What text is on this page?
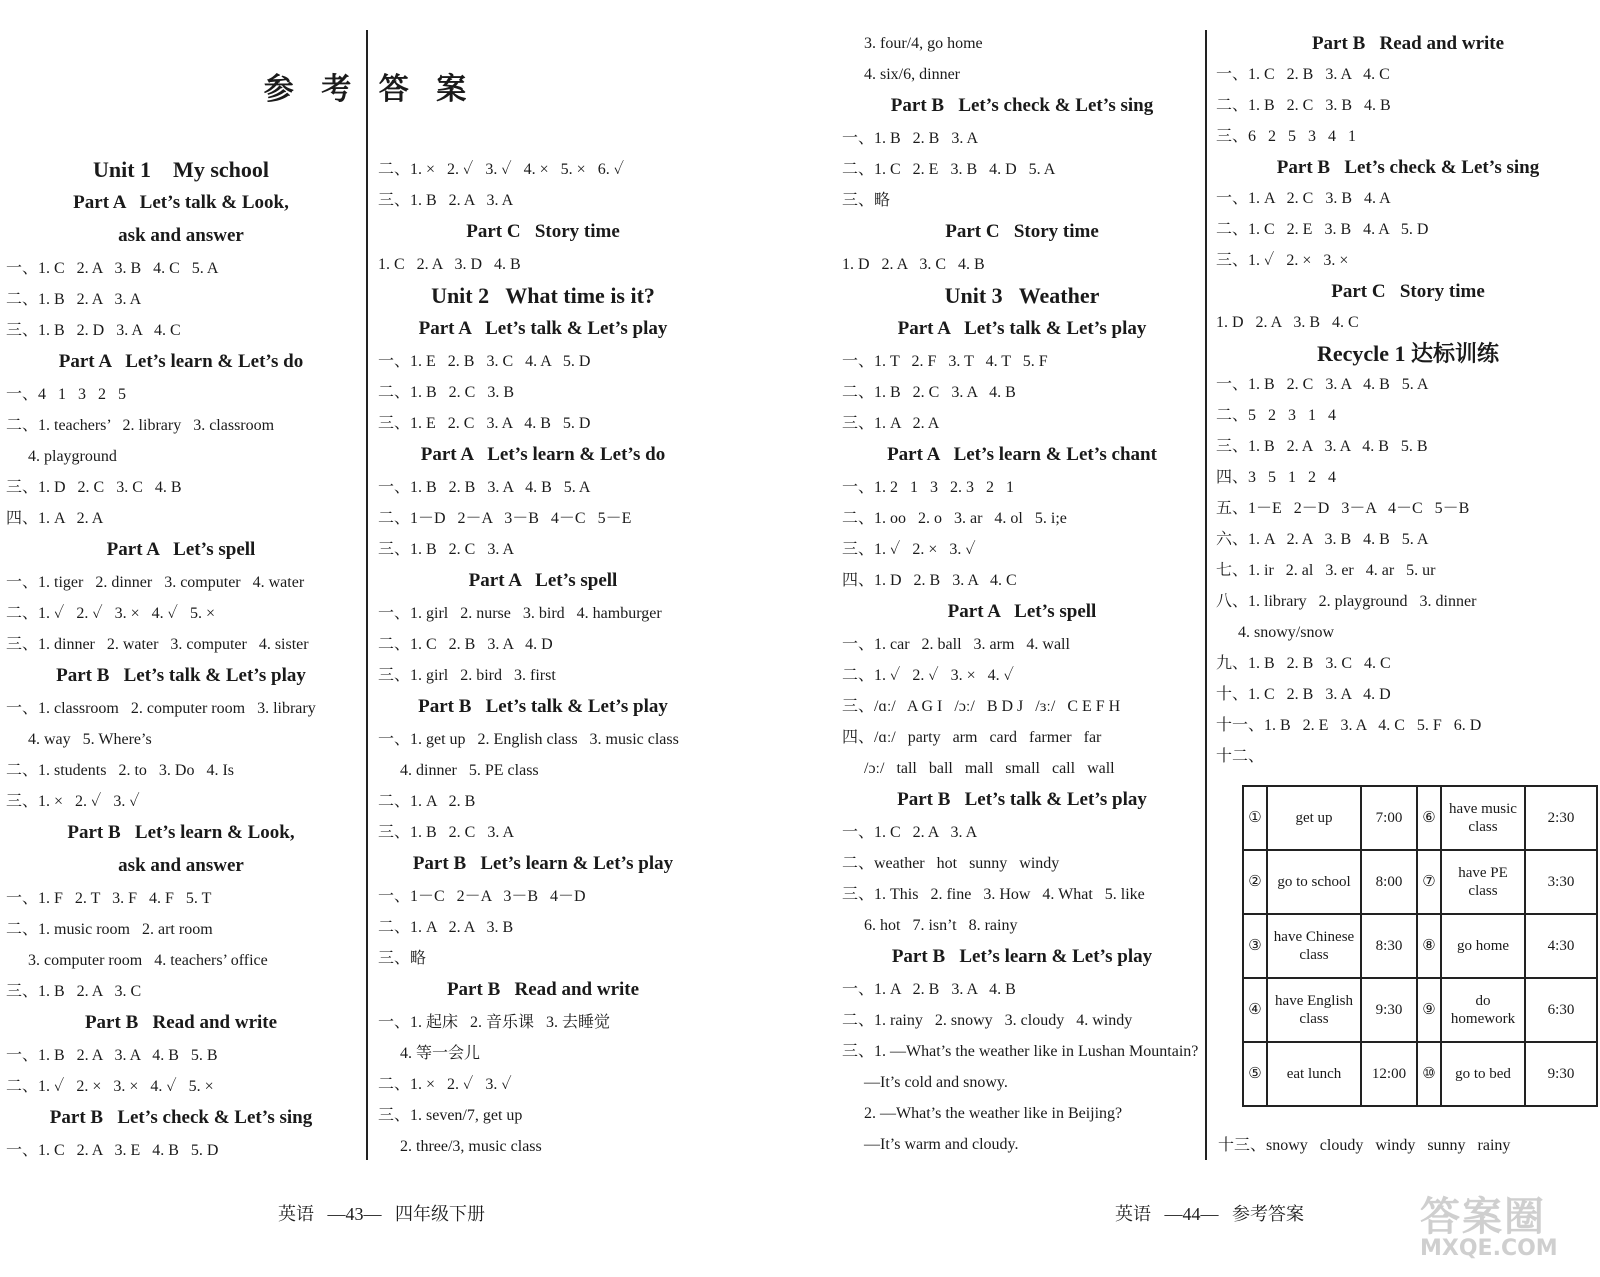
参 考 答 案
Unit 1    My school
Part A   Let’s talk & Look,
ask and answer
一、1. C   2. A   3. B   4. C   5. A
二、1. B   2. A   3. A
三、1. B   2. D   3. A   4. C
Part A   Let’s learn & Let’s do
一、4   1   3   2   5
二、1. teachers’   2. library   3. classroom
4. playground
三、1. D   2. C   3. C   4. B
四、1. A   2. A
Part A   Let’s spell
一、1. tiger   2. dinner   3. computer   4. water
二、1. ✓   2. ✓   3. ×   4. ✓   5. ×
三、1. dinner   2. water   3. computer   4. sister
Part B   Let’s talk & Let’s play
一、1. classroom   2. computer room   3. library
4. way   5. Where’s
二、1. students   2. to   3. Do   4. Is
三、1. ×   2. ✓   3. ✓
Part B   Let’s learn & Look,
ask and answer
一、1. F   2. T   3. F   4. F   5. T
二、1. music room   2. art room
3. computer room   4. teachers’ office
三、1. B   2. A   3. C
Part B   Read and write
一、1. B   2. A   3. A   4. B   5. B
二、1. ✓   2. ×   3. ×   4. ✓   5. ×
Part B   Let’s check & Let’s sing
一、1. C   2. A   3. E   4. B   5. D
二、1. ×   2. ✓   3. ✓   4. ×   5. ×   6. ✓
三、1. B   2. A   3. A
Part C   Story time
1. C   2. A   3. D   4. B
Unit 2   What time is it?
Part A   Let’s talk & Let’s play
一、1. E   2. B   3. C   4. A   5. D
二、1. B   2. C   3. B
三、1. E   2. C   3. A   4. B   5. D
Part A   Let’s learn & Let’s do
一、1. B   2. B   3. A   4. B   5. A
二、1－D   2－A   3－B   4－C   5－E
三、1. B   2. C   3. A
Part A   Let’s spell
一、1. girl   2. nurse   3. bird   4. hamburger
二、1. C   2. B   3. A   4. D
三、1. girl   2. bird   3. first
Part B   Let’s talk & Let’s play
一、1. get up   2. English class   3. music class
4. dinner   5. PE class
二、1. A   2. B
三、1. B   2. C   3. A
Part B   Let’s learn & Let’s play
一、1－C   2－A   3－B   4－D
二、1. A   2. A   3. B
三、略
Part B   Read and write
一、1. 起床   2. 音乐课   3. 去睡觉
4. 等一会儿
二、1. ×   2. ✓   3. ✓
三、1. seven/7, get up
2. three/3, music class
3. four/4, go home
4. six/6, dinner
Part B   Let’s check & Let’s sing
一、1. B   2. B   3. A
二、1. C   2. E   3. B   4. D   5. A
三、略
Part C   Story time
1. D   2. A   3. C   4. B
Unit 3   Weather
Part A   Let’s talk & Let’s play
一、1. T   2. F   3. T   4. T   5. F
二、1. B   2. C   3. A   4. B
三、1. A   2. A
Part A   Let’s learn & Let’s chant
一、1. 2   1   3   2. 3   2   1
二、1. oo   2. o   3. ar   4. ol   5. i;e
三、1. ✓   2. ×   3. ✓
四、1. D   2. B   3. A   4. C
Part A   Let’s spell
一、1. car   2. ball   3. arm   4. wall
二、1. ✓   2. ✓   3. ×   4. ✓
三、/ɑː/   A G I   /ɔː/   B D J   /ɜː/   C E F H
四、/ɑː/   party   arm   card   farmer   far
/ɔː/   tall   ball   mall   small   call   wall
Part B   Let’s talk & Let’s play
一、1. C   2. A   3. A
二、weather   hot   sunny   windy
三、1. This   2. fine   3. How   4. What   5. like
6. hot   7. isn’t   8. rainy
Part B   Let’s learn & Let’s play
一、1. A   2. B   3. A   4. B
二、1. rainy   2. snowy   3. cloudy   4. windy
三、1. —What’s the weather like in Lushan Mountain?
—It’s cold and snowy.
2. —What’s the weather like in Beijing?
—It’s warm and cloudy.
Part B   Read and write
一、1. C   2. B   3. A   4. C
二、1. B   2. C   3. B   4. B
三、6   2   5   3   4   1
Part B   Let’s check & Let’s sing
一、1. A   2. C   3. B   4. A
二、1. C   2. E   3. B   4. A   5. D
三、1. ✓   2. ×   3. ×
Part C   Story time
1. D   2. A   3. B   4. C
Recycle 1 达标训练
一、1. B   2. C   3. A   4. B   5. A
二、5   2   3   1   4
三、1. B   2. A   3. A   4. B   5. B
四、3   5   1   2   4
五、1－E   2－D   3－A   4－C   5－B
六、1. A   2. A   3. B   4. B   5. A
七、1. ir   2. al   3. er   4. ar   5. ur
八、1. library   2. playground   3. dinner
4. snowy/snow
九、1. B   2. B   3. C   4. C
十、1. C   2. B   3. A   4. D
十一、1. B   2. E   3. A   4. C   5. F   6. D
十二、
①	get up	7:00	⑥	have music class	2:30
②	go to school	8:00	⑦	have PE class	3:30
③	have Chinese class	8:30	⑧	go home	4:30
④	have English class	9:30	⑨	do homework	6:30
⑤	eat lunch	12:00	⑩	go to bed	9:30
十三、snowy   cloudy   windy   sunny   rainy
英语   —43—   四年级下册	英语   —44—   参考答案	答案圈
MXQE.COM
